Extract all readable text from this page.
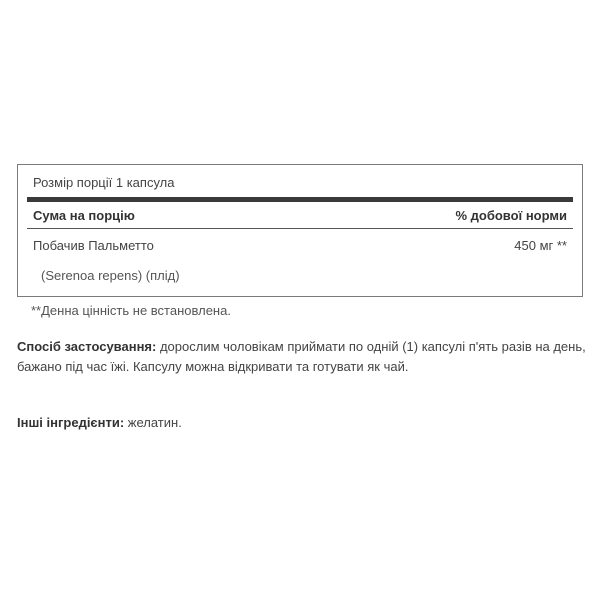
Розмір порції 1 капсула
Сума на порцію	% добової норми
Побачив Пальметто	450 мг **
(Serenoa repens) (плід)
**Денна цінність не встановлена.
Спосіб застосування: дорослим чоловікам приймати по одній (1) капсулі п'ять разів на день, бажано під час їжі. Капсулу можна відкривати та готувати як чай.
Інші інгредієнти: желатин.
